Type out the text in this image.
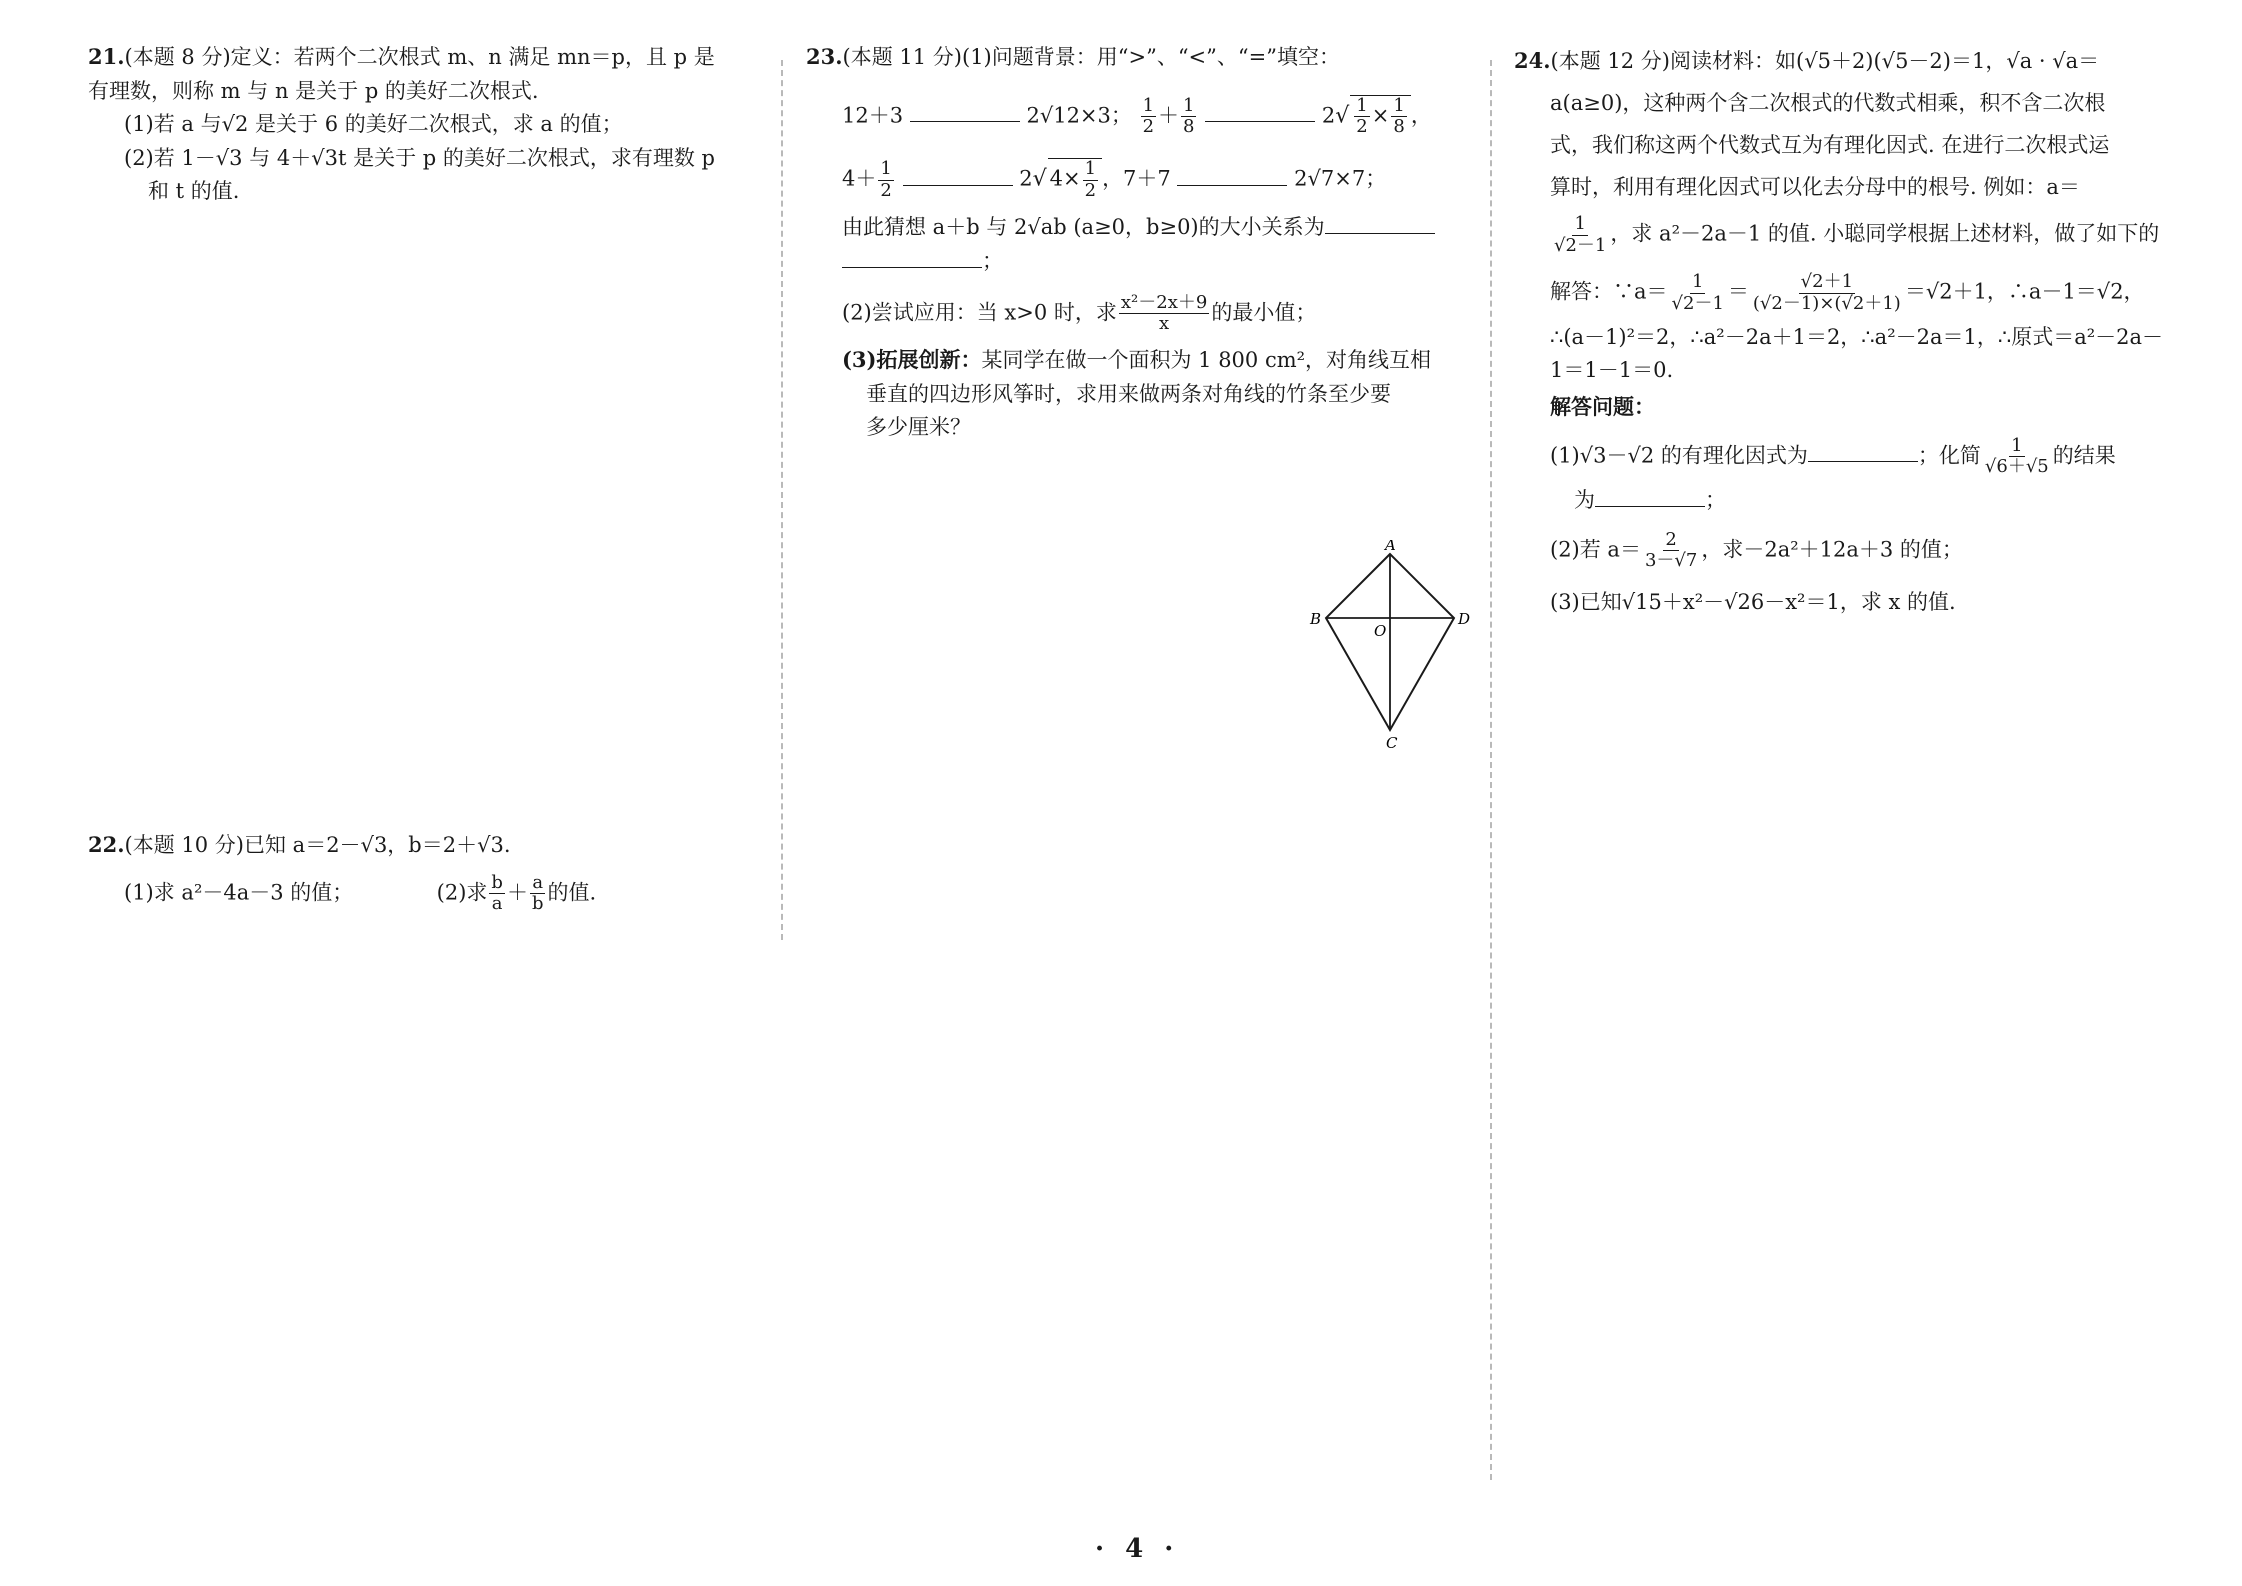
21.(本题 8 分)定义：若两个二次根式 m、n 满足 mn＝p，且 p 是
有理数，则称 m 与 n 是关于 p 的美好二次根式.
(1)若 a 与√2 是关于 6 的美好二次根式，求 a 的值；
(2)若 1－√3 与 4＋√3t 是关于 p 的美好二次根式，求有理数 p
和 t 的值.
22.(本题 10 分)已知 a＝2－√3，b＝2＋√3.
(1)求 a²－4a－3 的值；	(2)求 $\frac{b}{a} + \frac{a}{b}$ 的值.
23.(本题 11 分)(1)问题背景：用“>”、“<”、“=”填空：
12＋3	2√12×3； $\frac{1}{2} + \frac{1}{8}$	$2√ \frac{1}{2} \times \frac{1}{8}$ ，
$4+ \frac{1}{2}$	2√ $4\times \frac{1}{2}$ ，7＋7	2√7×7；
由此猜想 a＋b 与 2√ab (a≥0，b≥0)的大小关系为
；
(2)尝试应用：当 x>0 时，求 $\frac{\text{x²－2x＋9}}{x}$ 的最小值；
(3)拓展创新：某同学在做一个面积为 1 800 cm²，对角线互相
垂直的四边形风筝时，求用来做两条对角线的竹条至少要
多少厘米？
A
B
C
D
O
24.(本题 12 分)阅读材料：如(√5＋2)(√5－2)＝1，√a · √a＝
a(a≥0)，这种两个含二次根式的代数式相乘，积不含二次根
式，我们称这两个代数式互为有理化因式. 在进行二次根式运
算时，利用有理化因式可以化去分母中的根号. 例如：a＝
$\frac{1}{√2-1}$ ，求 a²－2a－1 的值. 小聪同学根据上述材料，做了如下的
解答：∵a＝ $\frac{1}{√2-1} = \frac{√2+1}{(√2-1)\times(√2+1)} =√2+1$，∴a－1＝√2，
∴(a－1)²＝2，∴a²－2a＋1＝2，∴a²－2a＝1，∴原式＝a²－2a－
1＝1－1＝0.
解答问题：
(1)√3－√2 的有理化因式为	；化简 $\frac{1}{√6+√5}$ 的结果
为	；
(2)若 $a= \frac{2}{3-√7}$ ，求－2a²＋12a＋3 的值；
(3)已知√15＋x²－√26－x²＝1，求 x 的值.
· 4 ·
